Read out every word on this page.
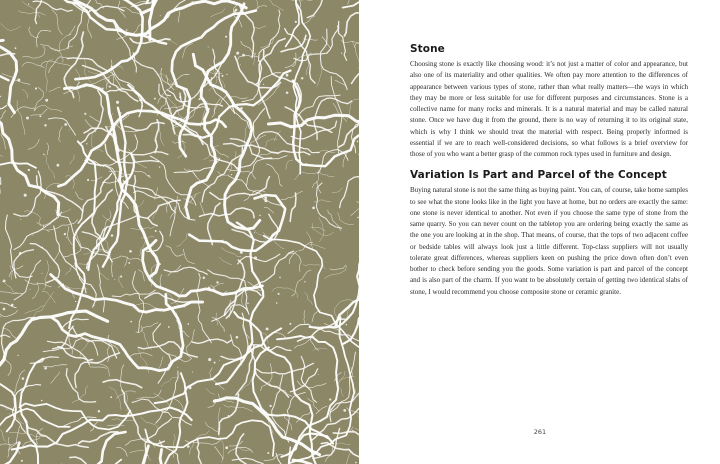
Stone

Choosing stone is exactly like choosing wood: it’s not just a matter of color and appearance, but also one of its materiality and other qualities. We often pay more attention to the differences of appearance between various types of stone, rather than what really matters—the ways in which they may be more or less suitable for use for different purposes and circumstances. Stone is a collective name for many rocks and minerals. It is a natural material and may be called natural stone. Once we have dug it from the ground, there is no way of returning it to its original state, which is why I think we should treat the material with respect. Being properly informed is essential if we are to reach well-considered decisions, so what follows is a brief overview for those of you who want a better grasp of the common rock types used in furniture and design.

Variation Is Part and Parcel of the Concept

Buying natural stone is not the same thing as buying paint. You can, of course, take home samples to see what the stone looks like in the light you have at home, but no orders are exactly the same: one stone is never identical to another. Not even if you choose the same type of stone from the same quarry. So you can never count on the tabletop you are ordering being exactly the same as the one you are looking at in the shop. That means, of course, that the tops of two adjacent coffee or bedside tables will always look just a little different. Top-class suppliers will not usually tolerate great differences, whereas suppliers keen on pushing the price down often don’t even bother to check before sending you the goods. Some variation is part and parcel of the concept and is also part of the charm. If you want to be absolutely certain of getting two identical slabs of stone, I would recommend you choose composite stone or ceramic granite.

261
